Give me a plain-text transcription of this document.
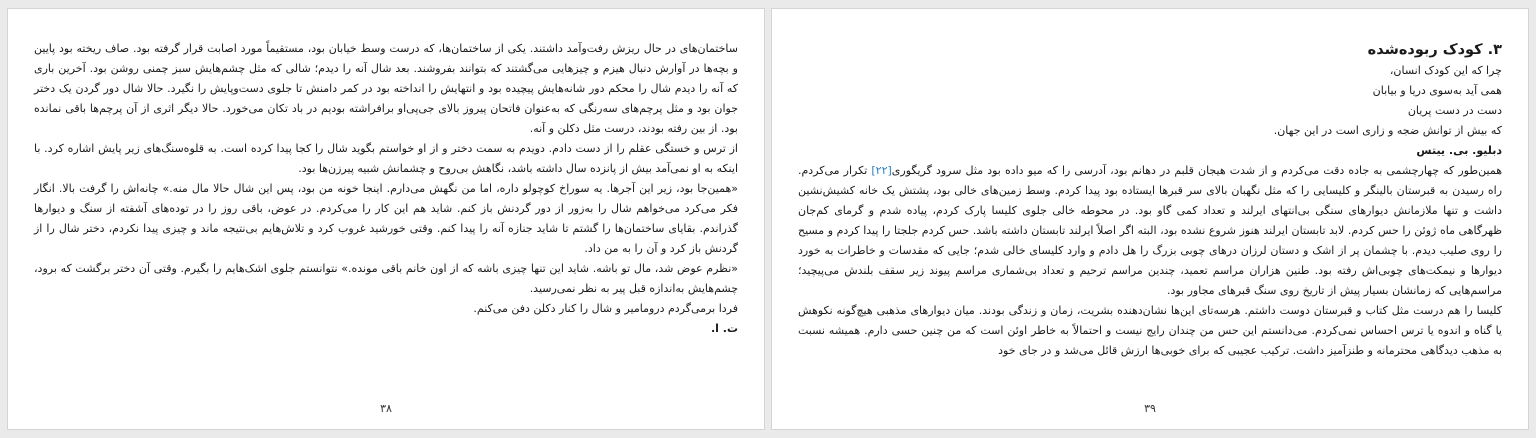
۳. کودک ربوده‌شده

چرا که این کودک انسان،

همی آید به‌سوی دریا و بیابان

دست در دست پریان

که بیش از توانش ضجه و زاری است در این جهان.

دبلیو. بی. ییتس

همین‌طور که چهارچشمی به جاده دقت می‌کردم و از شدت هیجان قلبم در دهانم بود، آدرسی را که میو داده بود مثل سرود گریگوری[۲۲] تکرار می‌کردم. راه رسیدن به قبرستان بالینگر و کلیسایی را که مثل نگهبان بالای سر قبرها ایستاده بود پیدا کردم. وسط زمین‌های خالی بود، پشتش یک خانه کشیش‌نشین داشت و تنها ملازمانش دیوارهای سنگی بی‌انتهای ایرلند و تعداد کمی گاو بود. در محوطه خالی جلوی کلیسا پارک کردم، پیاده شدم و گرمای کم‌جان ظهرگاهی ماه ژوئن را حس کردم. لابد تابستان ایرلند هنوز شروع نشده بود، البته اگر اصلاً ایرلند تابستان داشته باشد. حس کردم جلجتا را پیدا کردم و مسیح را روی صلیب دیدم. با چشمان پر از اشک و دستان لرزان درهای چوبی بزرگ را هل دادم و وارد کلیسای خالی شدم؛ جایی که مقدسات و خاطرات به خورد دیوارها و نیمکت‌های چوبی‌اش رفته بود. طنین هزاران مراسم تعمید، چندین مراسم ترحیم و تعداد بی‌شماری مراسم پیوند زیر سقف بلندش می‌پیچید؛ مراسم‌هایی که زمانشان بسیار پیش از تاریخ روی سنگ قبرهای مجاور بود.

کلیسا را هم درست مثل کتاب و قبرستان دوست داشتم. هرسه‌تای این‌ها نشان‌دهنده بشریت، زمان و زندگی بودند. میان دیوارهای مذهبی هیچ‌گونه نکوهش یا گناه و اندوه یا ترس احساس نمی‌کردم. می‌دانستم این حس من چندان رایج نیست و احتمالاً به خاطر اوئن است که من چنین حسی دارم. همیشه نسبت به مذهب دیدگاهی محترمانه و طنزآمیز داشت. ترکیب عجیبی که برای خوبی‌ها ارزش قائل می‌شد و در جای خود

۳۹

ساختمان‌های در حال ریزش رفت‌وآمد داشتند. یکی از ساختمان‌ها، که درست وسط خیابان بود، مستقیماً مورد اصابت قرار گرفته بود. صاف ریخته بود پایین و بچه‌ها در آوارش دنبال هیزم و چیزهایی می‌گشتند که بتوانند بفروشند. بعد شال آنه را دیدم؛ شالی که مثل چشم‌هایش سبز چمنی روشن بود. آخرین باری که آنه را دیدم شال را محکم دور شانه‌هایش پیچیده بود و انتهایش را انداخته بود در کمر دامنش تا جلوی دست‌وپایش را نگیرد. حالا شال دور گردن یک دختر جوان بود و مثل پرچم‌های سه‌رنگی که به‌عنوان فاتحان پیروز بالای جی‌پی‌او برافراشته بودیم در باد تکان می‌خورد. حالا دیگر اثری از آن پرچم‌ها باقی نمانده بود. از بین رفته بودند، درست مثل دکلن و آنه.

از ترس و خستگی عقلم را از دست دادم. دویدم به سمت دختر و از او خواستم بگوید شال را کجا پیدا کرده است. به قلوه‌سنگ‌های زیر پایش اشاره کرد. با اینکه به او نمی‌آمد بیش از پانزده سال داشته باشد، نگاهش بی‌روح و چشمانش شبیه پیرزن‌ها بود.

«همین‌جا بود، زیر این آجرها. یه سوراخ کوچولو داره، اما من نگهش می‌دارم. اینجا خونه من بود، پس این شال حالا مال منه.» چانه‌اش را گرفت بالا. انگار فکر می‌کرد می‌خواهم شال را به‌زور از دور گردنش باز کنم. شاید هم این کار را می‌کردم. در عوض، باقی روز را در توده‌های آشفته از سنگ و دیوارها گذراندم. بقایای ساختمان‌ها را گشتم تا شاید جنازه آنه را پیدا کنم. وقتی خورشید غروب کرد و تلاش‌هایم بی‌نتیجه ماند و چیزی پیدا نکردم، دختر شال را از گردنش باز کرد و آن را به من داد.

«نظرم عوض شد، مال تو باشه. شاید این تنها چیزی باشه که از اون خانم باقی مونده.» نتوانستم جلوی اشک‌هایم را بگیرم. وقتی آن دختر برگشت که برود، چشم‌هایش به‌اندازه قبل پیر به نظر نمی‌رسید.

فردا برمی‌گردم درومامیر و شال را کنار دکلن دفن می‌کنم.

ت. ا.

۳۸
